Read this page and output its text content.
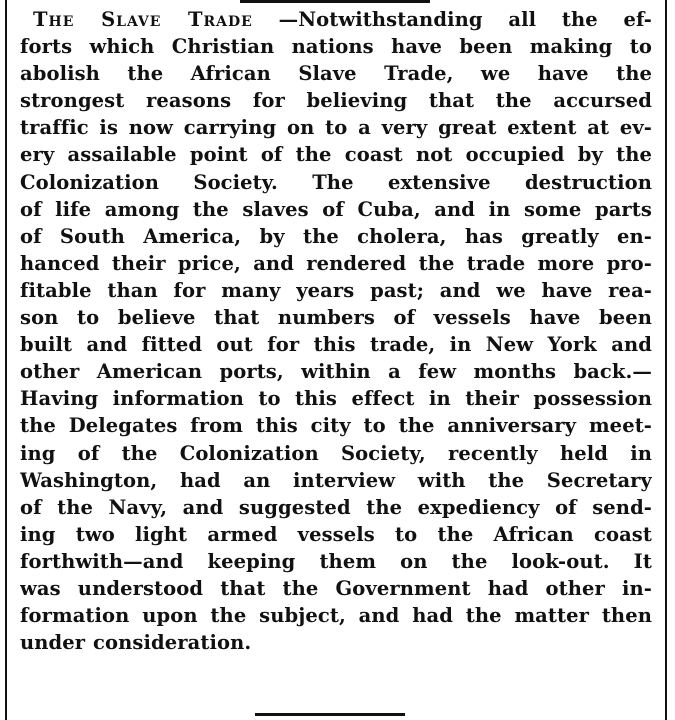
The Slave Trade —Notwithstanding all the ef-
forts which Christian nations have been making to
abolish the African Slave Trade, we have the
strongest reasons for believing that the accursed
traffic is now carrying on to a very great extent at ev-
ery assailable point of the coast not occupied by the
Colonization Society. The extensive destruction
of life among the slaves of Cuba, and in some parts
of South America, by the cholera, has greatly en-
hanced their price, and rendered the trade more pro-
fitable than for many years past; and we have rea-
son to believe that numbers of vessels have been
built and fitted out for this trade, in New York and
other American ports, within a few months back.—
Having information to this effect in their possession
the Delegates from this city to the anniversary meet-
ing of the Colonization Society, recently held in
Washington, had an interview with the Secretary
of the Navy, and suggested the expediency of send-
ing two light armed vessels to the African coast
forthwith—and keeping them on the look-out. It
was understood that the Government had other in-
formation upon the subject, and had the matter then
under consideration.
